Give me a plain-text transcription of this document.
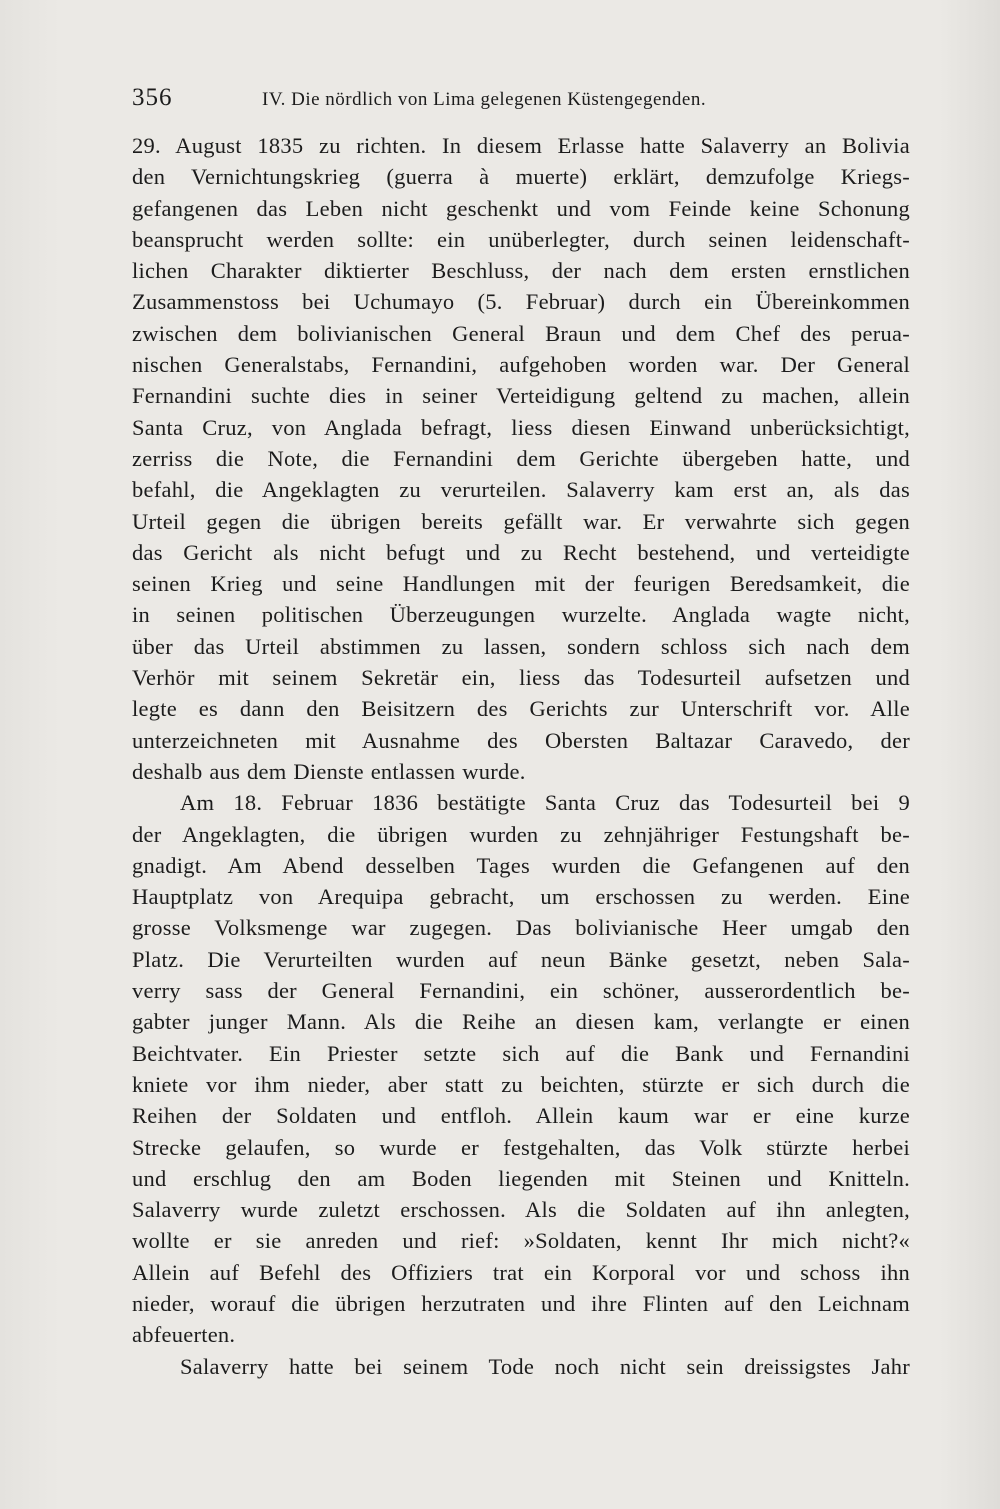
356	IV. Die nördlich von Lima gelegenen Küstengegenden.
29. August 1835 zu richten. In diesem Erlasse hatte Salaverry an Bolivia
den Vernichtungskrieg (guerra à muerte) erklärt, demzufolge Kriegs-
gefangenen das Leben nicht geschenkt und vom Feinde keine Schonung
beansprucht werden sollte: ein unüberlegter, durch seinen leidenschaft-
lichen Charakter diktierter Beschluss, der nach dem ersten ernstlichen
Zusammenstoss bei Uchumayo (5. Februar) durch ein Übereinkommen
zwischen dem bolivianischen General Braun und dem Chef des perua-
nischen Generalstabs, Fernandini, aufgehoben worden war. Der General
Fernandini suchte dies in seiner Verteidigung geltend zu machen, allein
Santa Cruz, von Anglada befragt, liess diesen Einwand unberücksichtigt,
zerriss die Note, die Fernandini dem Gerichte übergeben hatte, und
befahl, die Angeklagten zu verurteilen. Salaverry kam erst an, als das
Urteil gegen die übrigen bereits gefällt war. Er verwahrte sich gegen
das Gericht als nicht befugt und zu Recht bestehend, und verteidigte
seinen Krieg und seine Handlungen mit der feurigen Beredsamkeit, die
in seinen politischen Überzeugungen wurzelte. Anglada wagte nicht,
über das Urteil abstimmen zu lassen, sondern schloss sich nach dem
Verhör mit seinem Sekretär ein, liess das Todesurteil aufsetzen und
legte es dann den Beisitzern des Gerichts zur Unterschrift vor. Alle
unterzeichneten mit Ausnahme des Obersten Baltazar Caravedo, der
deshalb aus dem Dienste entlassen wurde.
Am 18. Februar 1836 bestätigte Santa Cruz das Todesurteil bei 9
der Angeklagten, die übrigen wurden zu zehnjähriger Festungshaft be-
gnadigt. Am Abend desselben Tages wurden die Gefangenen auf den
Hauptplatz von Arequipa gebracht, um erschossen zu werden. Eine
grosse Volksmenge war zugegen. Das bolivianische Heer umgab den
Platz. Die Verurteilten wurden auf neun Bänke gesetzt, neben Sala-
verry sass der General Fernandini, ein schöner, ausserordentlich be-
gabter junger Mann. Als die Reihe an diesen kam, verlangte er einen
Beichtvater. Ein Priester setzte sich auf die Bank und Fernandini
kniete vor ihm nieder, aber statt zu beichten, stürzte er sich durch die
Reihen der Soldaten und entfloh. Allein kaum war er eine kurze
Strecke gelaufen, so wurde er festgehalten, das Volk stürzte herbei
und erschlug den am Boden liegenden mit Steinen und Knitteln.
Salaverry wurde zuletzt erschossen. Als die Soldaten auf ihn anlegten,
wollte er sie anreden und rief: »Soldaten, kennt Ihr mich nicht?«
Allein auf Befehl des Offiziers trat ein Korporal vor und schoss ihn
nieder, worauf die übrigen herzutraten und ihre Flinten auf den Leichnam
abfeuerten.
Salaverry hatte bei seinem Tode noch nicht sein dreissigstes Jahr
